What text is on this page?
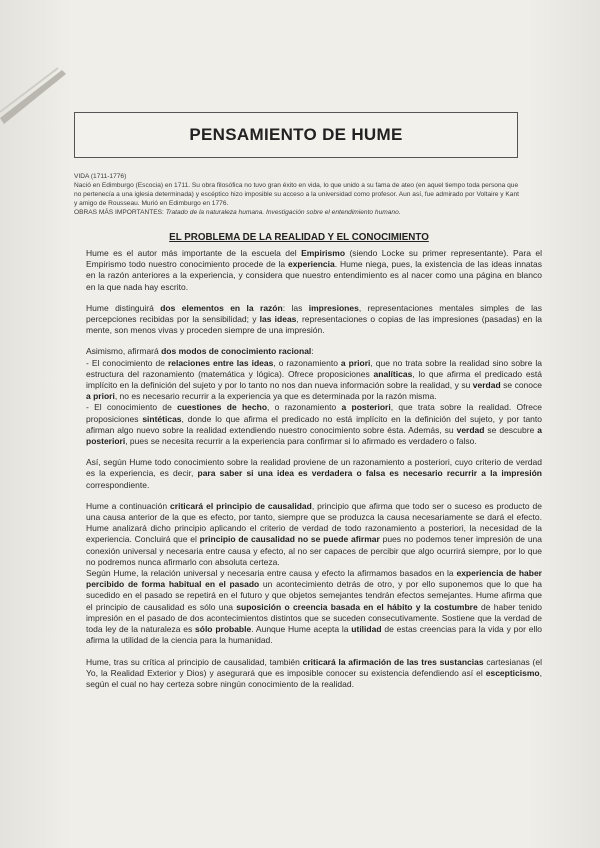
PENSAMIENTO DE HUME

VIDA (1711-1776)

Nació en Edimburgo (Escocia) en 1711. Su obra filosófica no tuvo gran éxito en vida, lo que unido a su fama de ateo (en aquel tiempo toda persona que no pertenecía a una iglesia determinada) y escéptico hizo imposible su acceso a la universidad como profesor. Aun así, fue admirado por Voltaire y Kant y amigo de Rousseau. Murió en Edimburgo en 1776.

OBRAS MÁS IMPORTANTES: Tratado de la naturaleza humana. Investigación sobre el entendimiento humano.

EL PROBLEMA DE LA REALIDAD Y EL CONOCIMIENTO

Hume es el autor más importante de la escuela del Empirismo (siendo Locke su primer representante). Para el Empirismo todo nuestro conocimiento procede de la experiencia. Hume niega, pues, la existencia de las ideas innatas en la razón anteriores a la experiencia, y considera que nuestro entendimiento es al nacer como una página en blanco en la que nada hay escrito.

Hume distinguirá dos elementos en la razón: las impresiones, representaciones mentales simples de las percepciones recibidas por la sensibilidad; y las ideas, representaciones o copias de las impresiones (pasadas) en la mente, son menos vivas y proceden siempre de una impresión.

Asimismo, afirmará dos modos de conocimiento racional:
- El conocimiento de relaciones entre las ideas, o razonamiento a priori, que no trata sobre la realidad sino sobre la estructura del razonamiento (matemática y lógica). Ofrece proposiciones analíticas, lo que afirma el predicado está implícito en la definición del sujeto y por lo tanto no nos dan nueva información sobre la realidad, y su verdad se conoce a priori, no es necesario recurrir a la experiencia ya que es determinada por la razón misma.
- El conocimiento de cuestiones de hecho, o razonamiento a posteriori, que trata sobre la realidad. Ofrece proposiciones sintéticas, donde lo que afirma el predicado no está implícito en la definición del sujeto, y por tanto afirman algo nuevo sobre la realidad extendiendo nuestro conocimiento sobre ésta. Además, su verdad se descubre a posteriori, pues se necesita recurrir a la experiencia para confirmar si lo afirmado es verdadero o falso.

Así, según Hume todo conocimiento sobre la realidad proviene de un razonamiento a posteriori, cuyo criterio de verdad es la experiencia, es decir, para saber si una idea es verdadera o falsa es necesario recurrir a la impresión correspondiente.

Hume a continuación criticará el principio de causalidad, principio que afirma que todo ser o suceso es producto de una causa anterior de la que es efecto, por tanto, siempre que se produzca la causa necesariamente se dará el efecto. Hume analizará dicho principio aplicando el criterio de verdad de todo razonamiento a posteriori, la necesidad de la experiencia. Concluirá que el principio de causalidad no se puede afirmar pues no podemos tener impresión de una conexión universal y necesaria entre causa y efecto, al no ser capaces de percibir que algo ocurrirá siempre, por lo que no podremos nunca afirmarlo con absoluta certeza.
Según Hume, la relación universal y necesaria entre causa y efecto la afirmamos basados en la experiencia de haber percibido de forma habitual en el pasado un acontecimiento detrás de otro, y por ello suponemos que lo que ha sucedido en el pasado se repetirá en el futuro y que objetos semejantes tendrán efectos semejantes. Hume afirma que el principio de causalidad es sólo una suposición o creencia basada en el hábito y la costumbre de haber tenido impresión en el pasado de dos acontecimientos distintos que se suceden consecutivamente. Sostiene que la verdad de toda ley de la naturaleza es sólo probable. Aunque Hume acepta la utilidad de estas creencias para la vida y por ello afirma la utilidad de la ciencia para la humanidad.

Hume, tras su crítica al principio de causalidad, también criticará la afirmación de las tres sustancias cartesianas (el Yo, la Realidad Exterior y Dios) y asegurará que es imposible conocer su existencia defendiendo así el escepticismo, según el cual no hay certeza sobre ningún conocimiento de la realidad.
